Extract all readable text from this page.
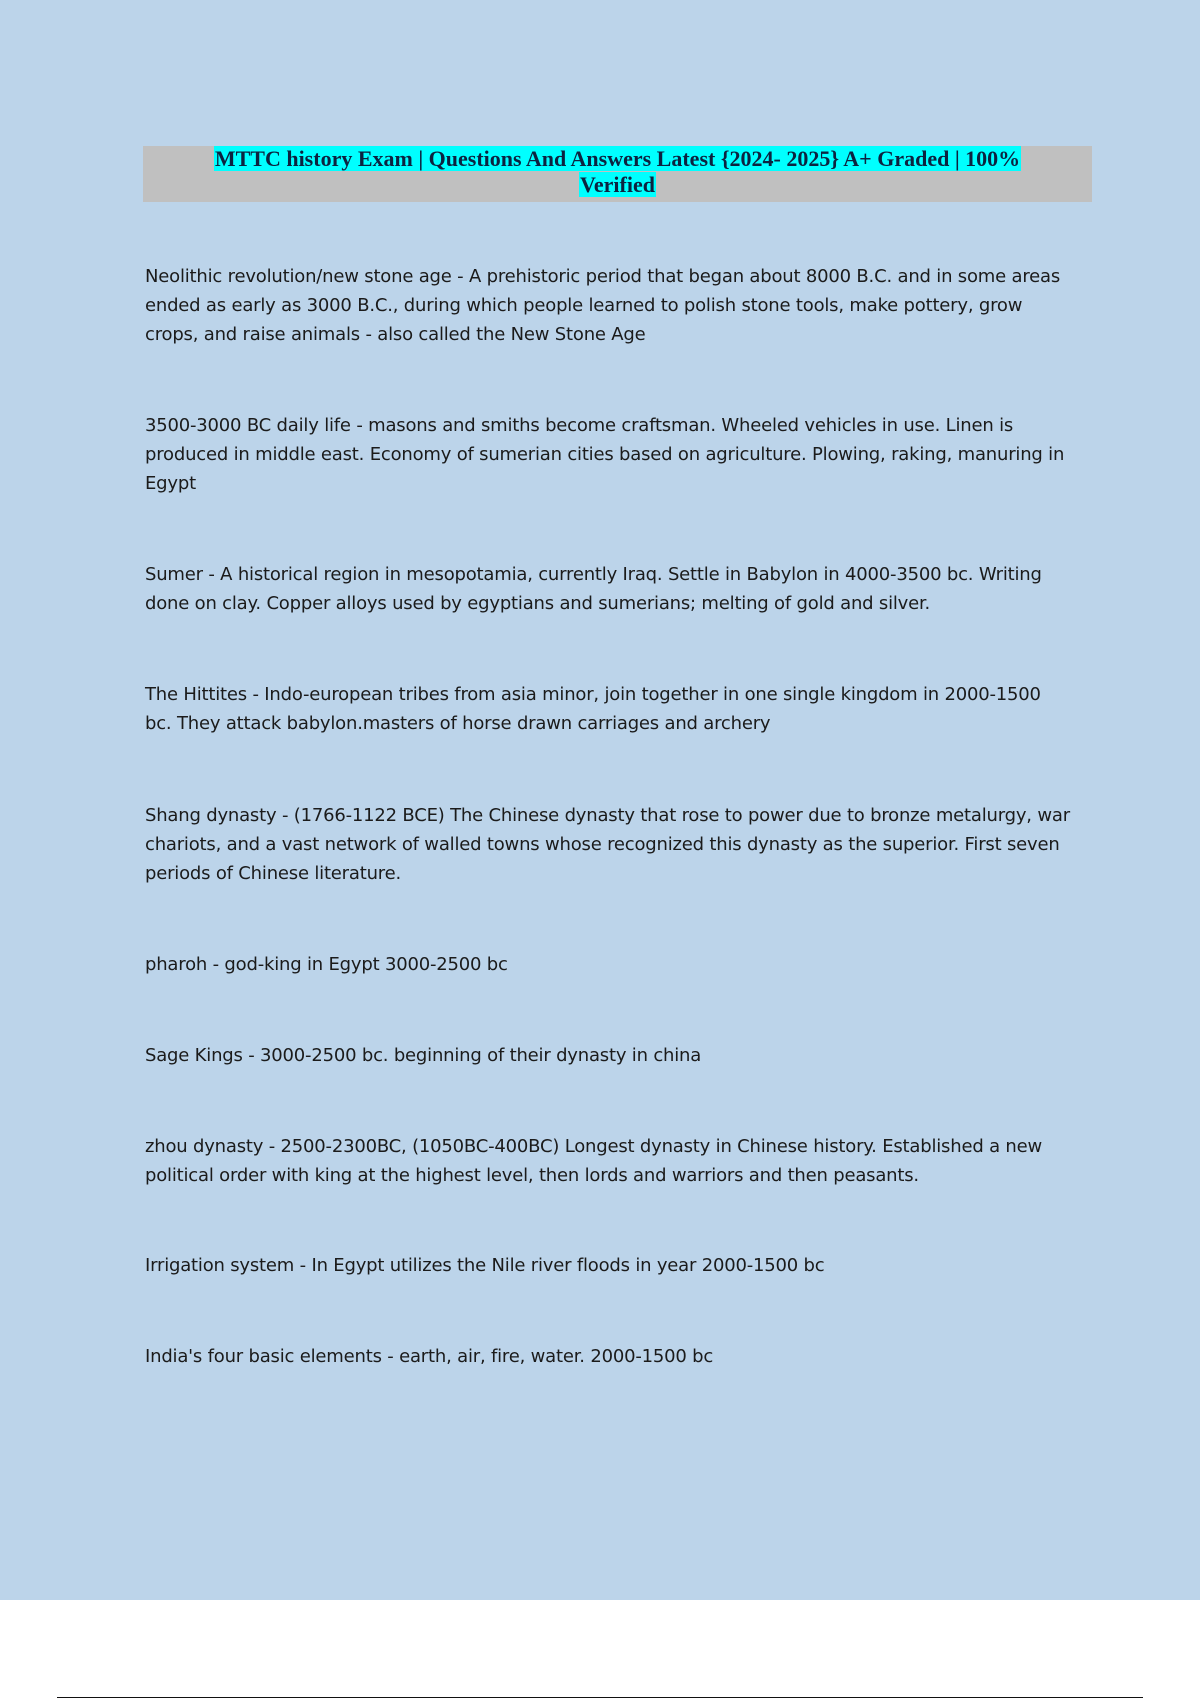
MTTC history Exam | Questions And Answers Latest {2024- 2025} A+ Graded | 100%
Verified
Neolithic revolution/new stone age - A prehistoric period that began about 8000 B.C. and in some areas
ended as early as 3000 B.C., during which people learned to polish stone tools, make pottery, grow
crops, and raise animals - also called the New Stone Age
3500-3000 BC daily life - masons and smiths become craftsman. Wheeled vehicles in use. Linen is
produced in middle east. Economy of sumerian cities based on agriculture. Plowing, raking, manuring in
Egypt
Sumer - A historical region in mesopotamia, currently Iraq. Settle in Babylon in 4000-3500 bc. Writing
done on clay. Copper alloys used by egyptians and sumerians; melting of gold and silver.
The Hittites - Indo-european tribes from asia minor, join together in one single kingdom in 2000-1500
bc. They attack babylon.masters of horse drawn carriages and archery
Shang dynasty - (1766-1122 BCE) The Chinese dynasty that rose to power due to bronze metalurgy, war
chariots, and a vast network of walled towns whose recognized this dynasty as the superior. First seven
periods of Chinese literature.
pharoh - god-king in Egypt 3000-2500 bc
Sage Kings - 3000-2500 bc. beginning of their dynasty in china
zhou dynasty - 2500-2300BC, (1050BC-400BC) Longest dynasty in Chinese history. Established a new
political order with king at the highest level, then lords and warriors and then peasants.
Irrigation system - In Egypt utilizes the Nile river floods in year 2000-1500 bc
India's four basic elements - earth, air, fire, water. 2000-1500 bc
